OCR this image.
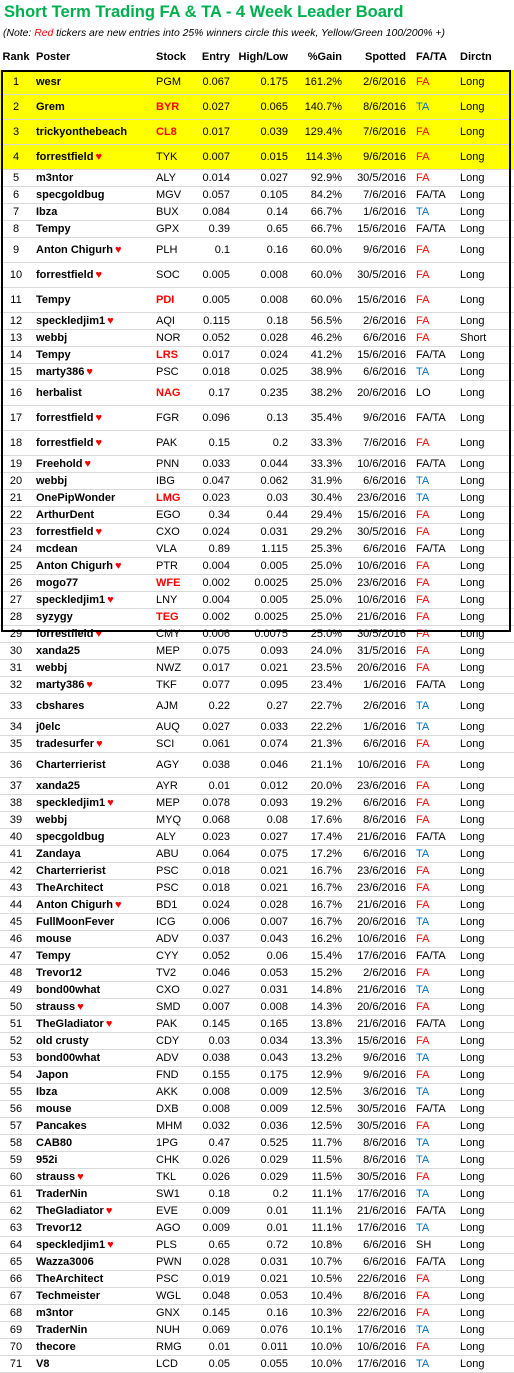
Short Term Trading FA & TA - 4 Week Leader Board
(Note: Red tickers are new entries into 25% winners circle this week, Yellow/Green 100/200% +)
Rank Poster	Stock	Entry High/Low	%Gain	Spotted FA/TA	Dirctn
1	wesr	PGM	0.067	0.175	161.2%	2/6/2016 FA	Long
2	Grem	BYR	0.027	0.065	140.7%	8/6/2016 TA	Long
3	trickyonthebeach	CL8	0.017	0.039	129.4%	7/6/2016 FA	Long
4	forrestfield ♥	TYK	0.007	0.015	114.3%	9/6/2016 FA	Long
5	m3ntor	ALY	0.014	0.027	92.9%	30/5/2016 FA	Long
6	specgoldbug	MGV	0.057	0.105	84.2%	7/6/2016 FA/TA	Long
7	Ibza	BUX	0.084	0.14	66.7%	1/6/2016 TA	Long
8	Tempy	GPX	0.39	0.65	66.7%	15/6/2016 FA/TA	Long
9	Anton Chigurh ♥	PLH	0.1	0.16	60.0%	9/6/2016 FA	Long
10	forrestfield ♥	SOC	0.005	0.008	60.0%	30/5/2016 FA	Long
11	Tempy	PDI	0.005	0.008	60.0%	15/6/2016 FA	Long
12	speckledjim1 ♥	AQI	0.115	0.18	56.5%	2/6/2016 FA	Long
13	webbj	NOR	0.052	0.028	46.2%	6/6/2016 FA	Short
14	Tempy	LRS	0.017	0.024	41.2%	15/6/2016 FA/TA	Long
15	marty386 ♥	PSC	0.018	0.025	38.9%	6/6/2016 TA	Long
16	herbalist	NAG	0.17	0.235	38.2%	20/6/2016 LO	Long
17	forrestfield ♥	FGR	0.096	0.13	35.4%	9/6/2016 FA/TA	Long
18	forrestfield ♥	PAK	0.15	0.2	33.3%	7/6/2016 FA	Long
19	Freehold ♥	PNN	0.033	0.044	33.3%	10/6/2016 FA/TA	Long
20	webbj	IBG	0.047	0.062	31.9%	6/6/2016 TA	Long
21	OnePipWonder	LMG	0.023	0.03	30.4%	23/6/2016 TA	Long
22	ArthurDent	EGO	0.34	0.44	29.4%	15/6/2016 FA	Long
23	forrestfield ♥	CXO	0.024	0.031	29.2%	30/5/2016 FA	Long
24	mcdean	VLA	0.89	1.115	25.3%	6/6/2016 FA/TA	Long
25	Anton Chigurh ♥	PTR	0.004	0.005	25.0%	10/6/2016 FA	Long
26	mogo77	WFE	0.002	0.0025	25.0%	23/6/2016 FA	Long
27	speckledjim1 ♥	LNY	0.004	0.005	25.0%	10/6/2016 FA	Long
28	syzygy	TEG	0.002	0.0025	25.0%	21/6/2016 FA	Long
29	forrestfield ♥	CMY	0.006	0.0075	25.0%	30/5/2016 FA	Long
30	xanda25	MEP	0.075	0.093	24.0%	31/5/2016 FA	Long
31	webbj	NWZ	0.017	0.021	23.5%	20/6/2016 FA	Long
32	marty386 ♥	TKF	0.077	0.095	23.4%	1/6/2016 FA/TA	Long
33	cbshares	AJM	0.22	0.27	22.7%	2/6/2016 TA	Long
34	j0elc	AUQ	0.027	0.033	22.2%	1/6/2016 TA	Long
35	tradesurfer ♥	SCI	0.061	0.074	21.3%	6/6/2016 FA	Long
36	Charterrierist	AGY	0.038	0.046	21.1%	10/6/2016 FA	Long
37	xanda25	AYR	0.01	0.012	20.0%	23/6/2016 FA	Long
38	speckledjim1 ♥	MEP	0.078	0.093	19.2%	6/6/2016 FA	Long
39	webbj	MYQ	0.068	0.08	17.6%	8/6/2016 FA	Long
40	specgoldbug	ALY	0.023	0.027	17.4%	21/6/2016 FA/TA	Long
41	Zandaya	ABU	0.064	0.075	17.2%	6/6/2016 TA	Long
42	Charterrierist	PSC	0.018	0.021	16.7%	23/6/2016 FA	Long
43	TheArchitect	PSC	0.018	0.021	16.7%	23/6/2016 FA	Long
44	Anton Chigurh ♥	BD1	0.024	0.028	16.7%	21/6/2016 FA	Long
45	FullMoonFever	ICG	0.006	0.007	16.7%	20/6/2016 TA	Long
46	mouse	ADV	0.037	0.043	16.2%	10/6/2016 FA	Long
47	Tempy	CYY	0.052	0.06	15.4%	17/6/2016 FA/TA	Long
48	Trevor12	TV2	0.046	0.053	15.2%	2/6/2016 FA	Long
49	bond00what	CXO	0.027	0.031	14.8%	21/6/2016 TA	Long
50	strauss ♥	SMD	0.007	0.008	14.3%	20/6/2016 FA	Long
51	TheGladiator ♥	PAK	0.145	0.165	13.8%	21/6/2016 FA/TA	Long
52	old crusty	CDY	0.03	0.034	13.3%	15/6/2016 FA	Long
53	bond00what	ADV	0.038	0.043	13.2%	9/6/2016 TA	Long
54	Japon	FND	0.155	0.175	12.9%	9/6/2016 FA	Long
55	Ibza	AKK	0.008	0.009	12.5%	3/6/2016 TA	Long
56	mouse	DXB	0.008	0.009	12.5%	30/5/2016 FA/TA	Long
57	Pancakes	MHM	0.032	0.036	12.5%	30/5/2016 FA	Long
58	CAB80	1PG	0.47	0.525	11.7%	8/6/2016 TA	Long
59	952i	CHK	0.026	0.029	11.5%	8/6/2016 TA	Long
60	strauss ♥	TKL	0.026	0.029	11.5%	30/5/2016 FA	Long
61	TraderNin	SW1	0.18	0.2	11.1%	17/6/2016 TA	Long
62	TheGladiator ♥	EVE	0.009	0.01	11.1%	21/6/2016 FA/TA	Long
63	Trevor12	AGO	0.009	0.01	11.1%	17/6/2016 TA	Long
64	speckledjim1 ♥	PLS	0.65	0.72	10.8%	6/6/2016 SH	Long
65	Wazza3006	PWN	0.028	0.031	10.7%	6/6/2016 FA/TA	Long
66	TheArchitect	PSC	0.019	0.021	10.5%	22/6/2016 FA	Long
67	Techmeister	WGL	0.048	0.053	10.4%	8/6/2016 FA	Long
68	m3ntor	GNX	0.145	0.16	10.3%	22/6/2016 FA	Long
69	TraderNin	NUH	0.069	0.076	10.1%	17/6/2016 TA	Long
70	thecore	RMG	0.01	0.011	10.0%	10/6/2016 FA	Long
71	V8	LCD	0.05	0.055	10.0%	17/6/2016 TA	Long
